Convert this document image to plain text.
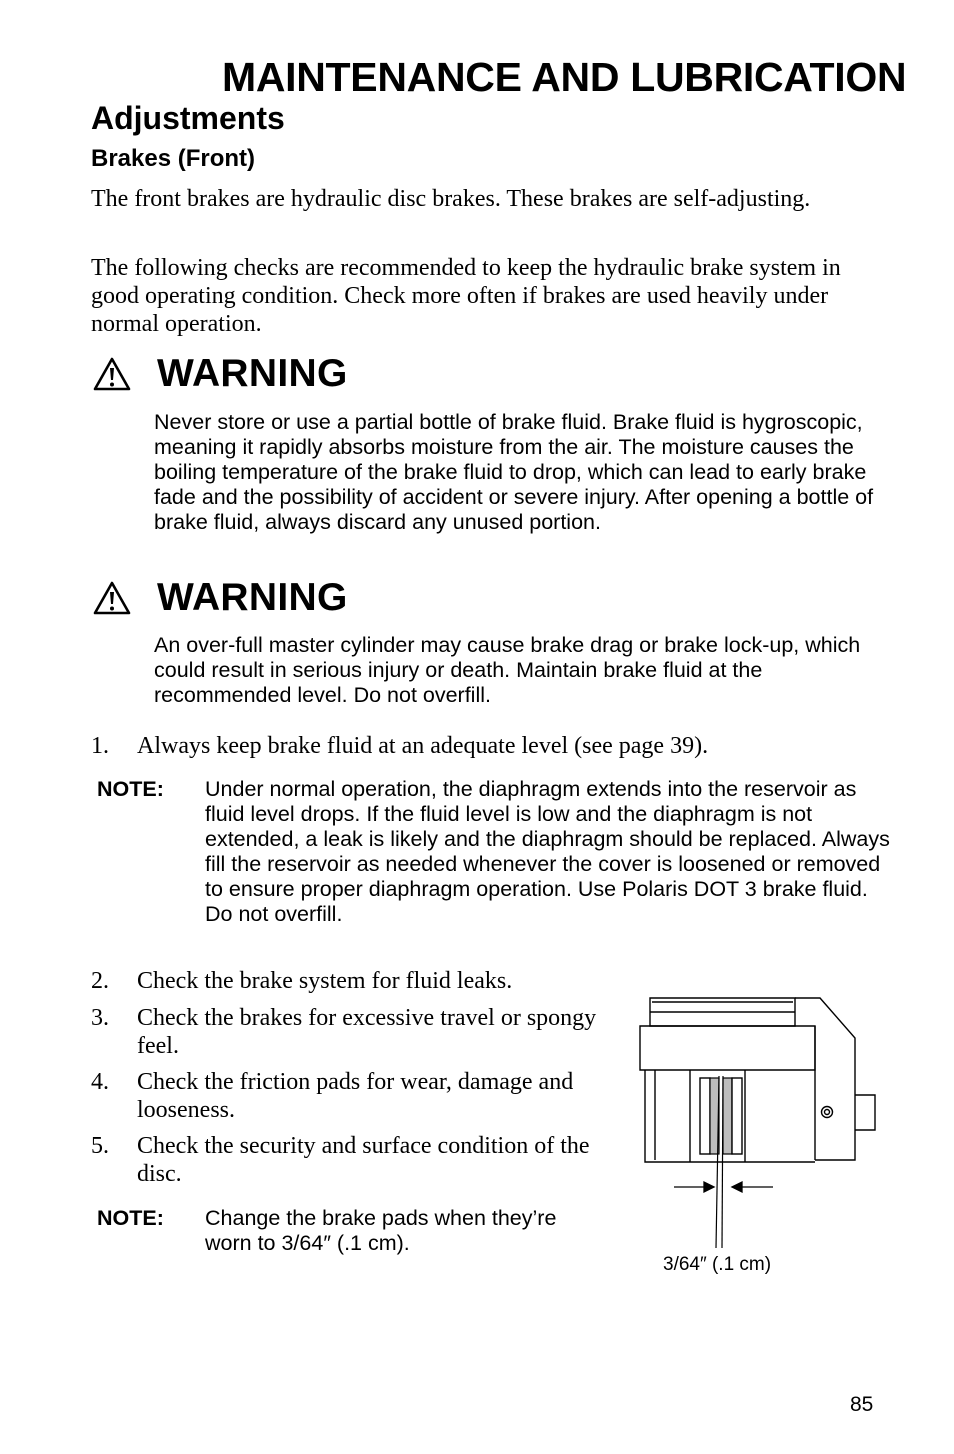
MAINTENANCE AND LUBRICATION
Adjustments
Brakes (Front)
The front brakes are hydraulic disc brakes. These brakes are self-adjusting.
The following checks are recommended to keep the hydraulic brake system in good operating condition. Check more often if brakes are used heavily under normal operation.
WARNING
Never store or use a partial bottle of brake fluid. Brake fluid is hygroscopic, meaning it rapidly absorbs moisture from the air. The moisture causes the boiling temperature of the brake fluid to drop, which can lead to early brake fade and the possibility of accident or severe injury. After opening a bottle of brake fluid, always discard any unused portion.
WARNING
An over-full master cylinder may cause brake drag or brake lock-up, which could result in serious injury or death. Maintain brake fluid at the recommended level. Do not overfill.
1.	Always keep brake fluid at an adequate level (see page 39).
NOTE:	Under normal operation, the diaphragm extends into the reservoir as fluid level drops. If the fluid level is low and the diaphragm is not extended, a leak is likely and the diaphragm should be replaced. Always fill the reservoir as needed whenever the cover is loosened or removed to ensure proper diaphragm operation. Use Polaris DOT 3 brake fluid. Do not overfill.
2.	Check the brake system for fluid leaks.
3.	Check the brakes for excessive travel or spongy feel.
4.	Check the friction pads for wear, damage and looseness.
5.	Check the security and surface condition of the disc.
NOTE:	Change the brake pads when they’re worn to 3/64″ (.1 cm).
3/64″ (.1 cm)
85
